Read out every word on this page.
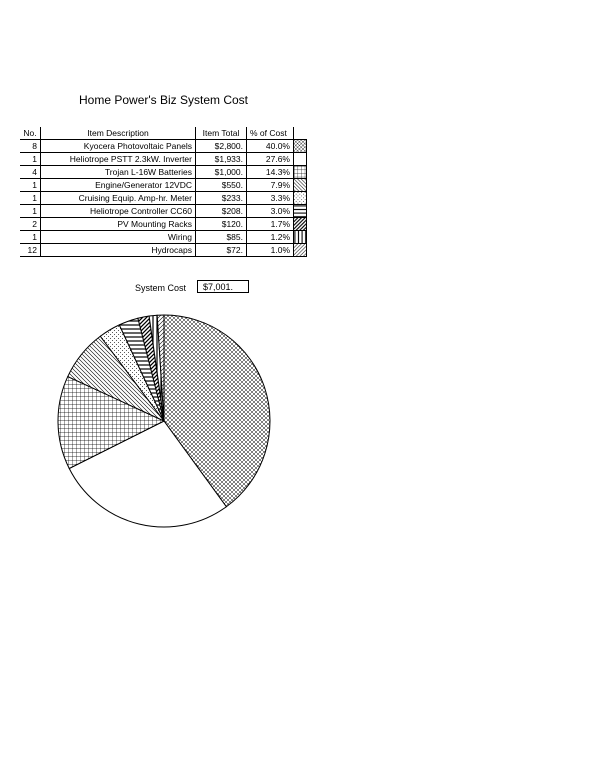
Home Power's Biz System Cost
No.	Item Description	Item Total	% of Cost	
8	Kyocera Photovoltaic Panels	$2,800.	40.0%	

1	Heliotrope PSTT 2.3kW. Inverter	$1,933.	27.6%	

4	Trojan L-16W Batteries	$1,000.	14.3%	

1	Engine/Generator 12VDC	$550.	7.9%	

1	Cruising Equip. Amp-hr. Meter	$233.	3.3%	

1	Heliotrope Controller CC60	$208.	3.0%	

2	PV Mounting Racks	$120.	1.7%	

1	Wiring	$85.	1.2%	

12	Hydrocaps	$72.	1.0%	
System Cost	$7,001.
